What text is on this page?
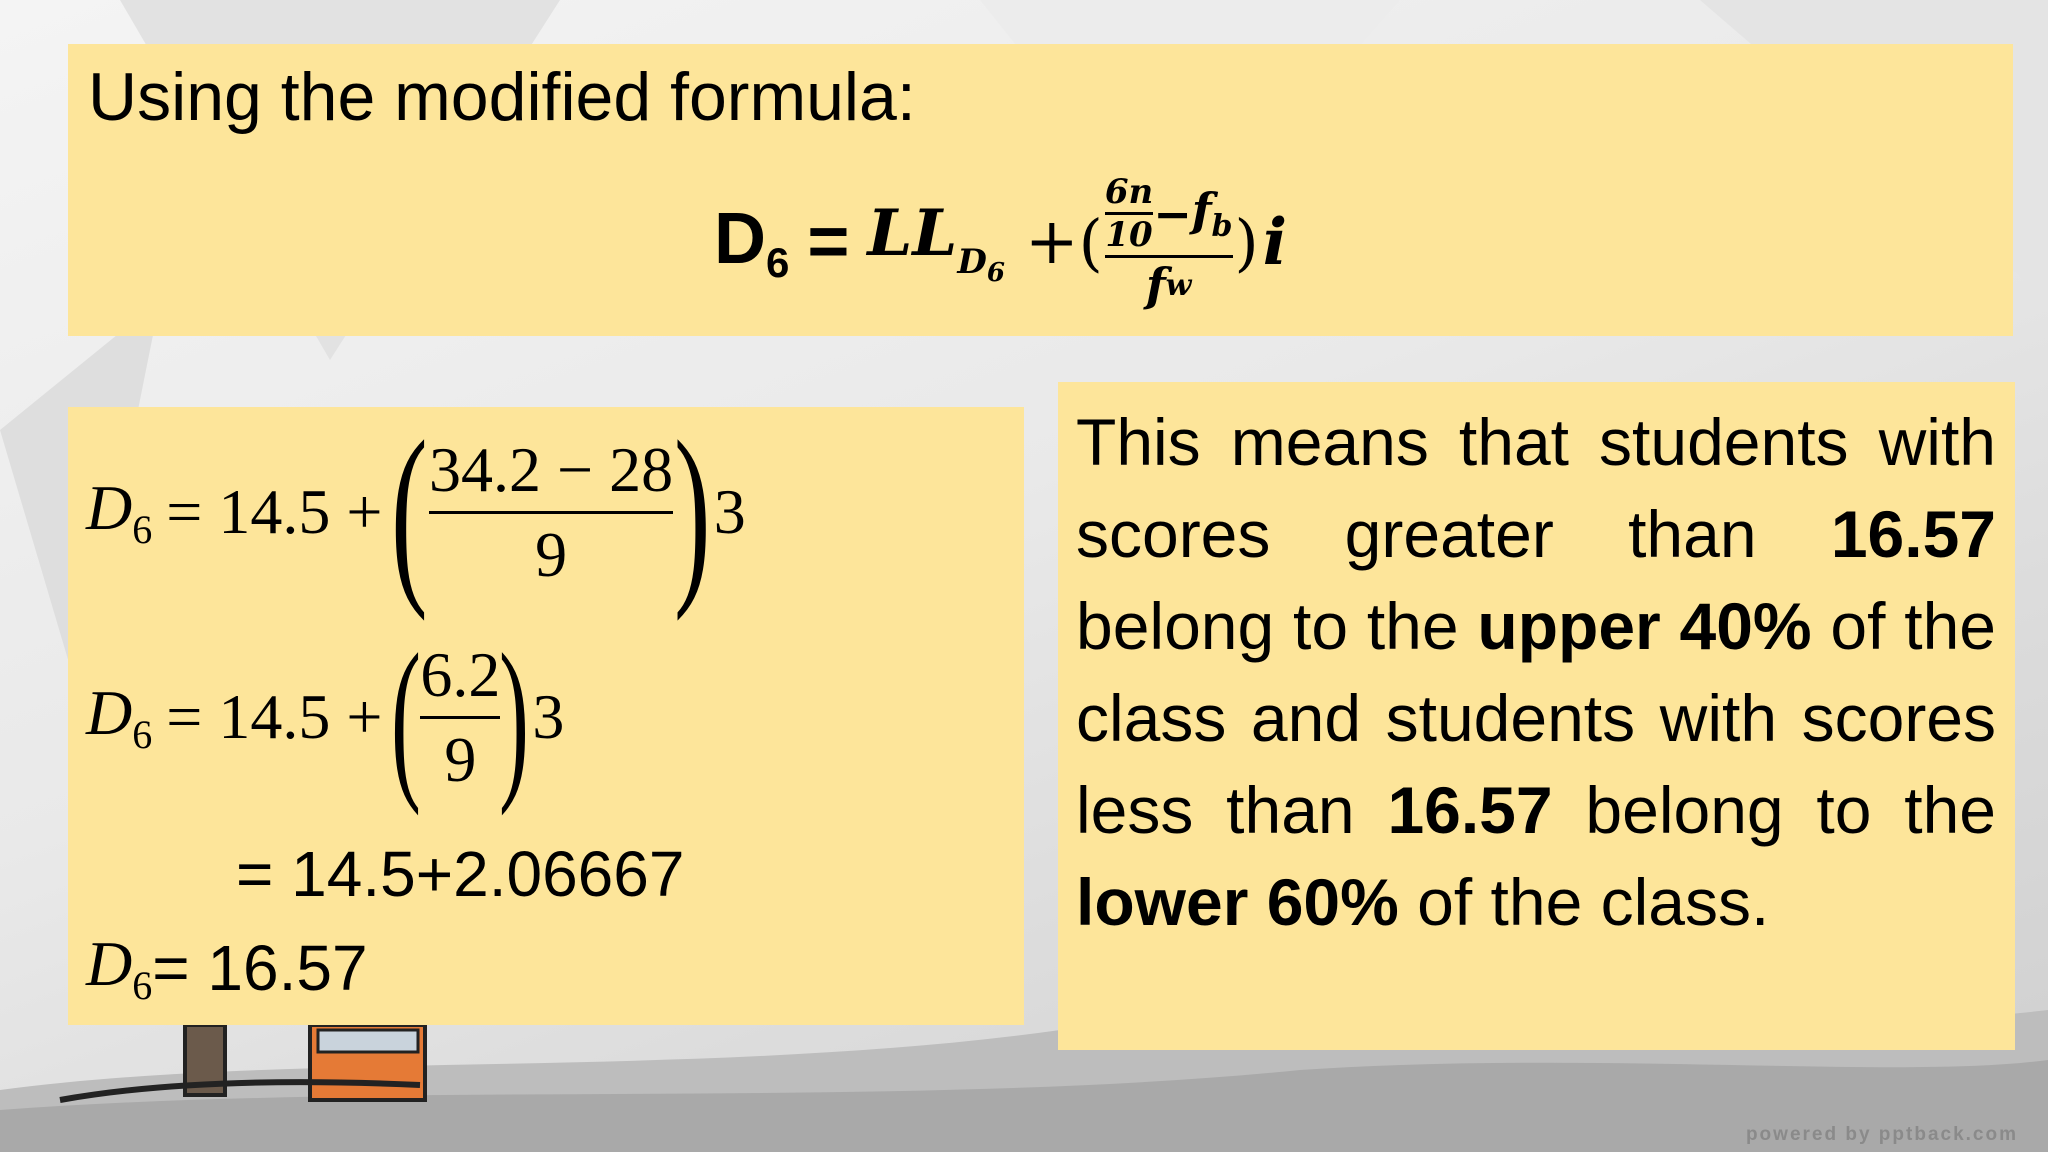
Using the modified formula:

$D_6 = LL_{D_6}$ + ( $\frac{\frac{6n}{10} - f_b}{\text{f w}}$ ) i
$D_6 = 14.5$ + ( 34.2 − 28
9 ) 3
$D_6 = 14.5$ + (
6.2
9 ) 3
= 14.5+2.06667
$D_6 = 16.57$

This means that students with scores greater than 16.57 belong to the upper 40% of the class and students with scores less than 16.57 belong to the lower 60% of the class.

powered by pptback.com
